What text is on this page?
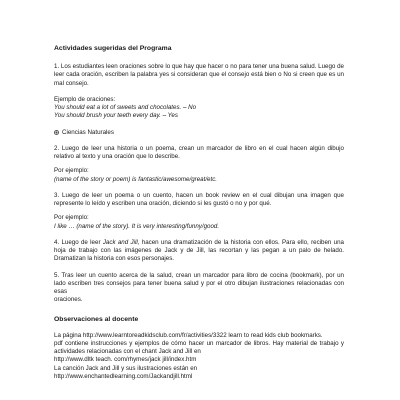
Actividades sugeridas del Programa

1. Los estudiantes leen oraciones sobre lo que hay que hacer o no para tener una buena salud. Luego de leer cada oración, escriben la palabra yes si consideran que el consejo está bien o No si creen que es un mal consejo.

Ejemplo de oraciones:
You should eat a lot of sweets and chocolates. – No
You should brush your teeth every day. – Yes
Ciencias Naturales

2. Luego de leer una historia o un poema, crean un marcador de libro en el cual hacen algún dibujo relativo al texto y una oración que lo describe.

Por ejemplo:
(name of the story or poem) is fantastic/awesome/great/etc.

3. Luego de leer un poema o un cuento, hacen un book review en el cual dibujan una imagen que represente lo leído y escriben una oración, diciendo si les gustó o no y por qué.

Por ejemplo:
I like … (name of the story). It is very interesting/funny/good.

4. Luego de leer Jack and Jill, hacen una dramatización de la historia con ellos. Para ello, reciben una hoja de trabajo con las imágenes de Jack y de Jill, las recortan y las pegan a un palo de helado. Dramatizan la historia con esos personajes.

5. Tras leer un cuento acerca de la salud, crean un marcador para libro de cocina (bookmark), por un lado escriben tres consejos para tener buena salud y por el otro dibujan ilustraciones relacionadas con esas

oraciones.
Observaciones al docente

La página http://www.learntoreadkidsclub.com/fr/activities/3322 learn to read kids club bookmarks.

pdf contiene instrucciones y ejemplos de cómo hacer un marcador de libros. Hay material de trabajo y actividades relacionadas con el chant Jack and Jill en

http://www.dltk teach. com/rhymes/jack jill/index.htm

La canción Jack and Jill y sus ilustraciones están en

http://www.enchantedlearning.com/Jackandjill.html
